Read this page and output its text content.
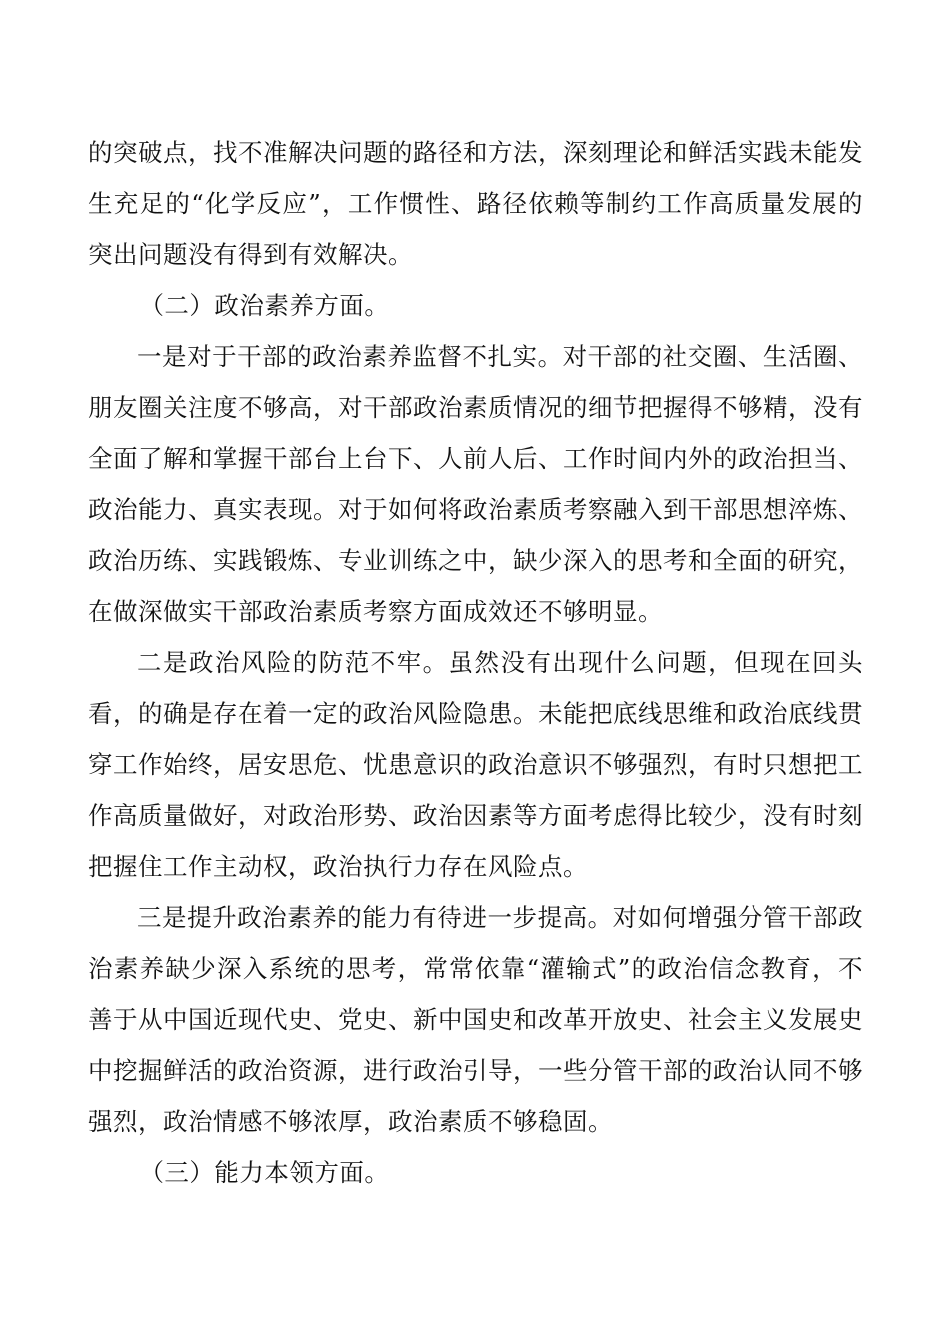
的突破点，找不准解决问题的路径和方法，深刻理论和鲜活实践未能发生充足的“化学反应”，工作惯性、路径依赖等制约工作高质量发展的突出问题没有得到有效解决。

（二）政治素养方面。

一是对于干部的政治素养监督不扎实。对干部的社交圈、生活圈、朋友圈关注度不够高，对干部政治素质情况的细节把握得不够精，没有全面了解和掌握干部台上台下、人前人后、工作时间内外的政治担当、政治能力、真实表现。对于如何将政治素质考察融入到干部思想淬炼、政治历练、实践锻炼、专业训练之中，缺少深入的思考和全面的研究，在做深做实干部政治素质考察方面成效还不够明显。

二是政治风险的防范不牢。虽然没有出现什么问题，但现在回头看，的确是存在着一定的政治风险隐患。未能把底线思维和政治底线贯穿工作始终，居安思危、忧患意识的政治意识不够强烈，有时只想把工作高质量做好，对政治形势、政治因素等方面考虑得比较少，没有时刻把握住工作主动权，政治执行力存在风险点。

三是提升政治素养的能力有待进一步提高。对如何增强分管干部政治素养缺少深入系统的思考，常常依靠“灌输式”的政治信念教育，不善于从中国近现代史、党史、新中国史和改革开放史、社会主义发展史中挖掘鲜活的政治资源，进行政治引导，一些分管干部的政治认同不够强烈，政治情感不够浓厚，政治素质不够稳固。

（三）能力本领方面。
